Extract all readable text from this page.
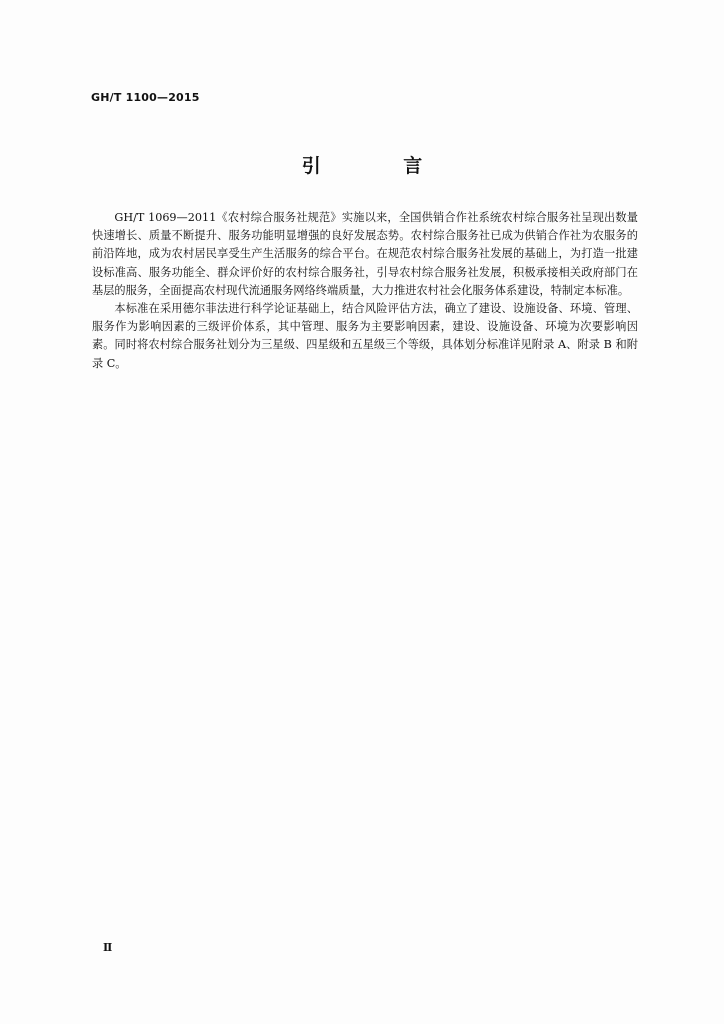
GH/T 1100—2015
引 言

GH/T 1069—2011《农村综合服务社规范》实施以来，全国供销合作社系统农村综合服务社呈现出数量快速增长、质量不断提升、服务功能明显增强的良好发展态势。农村综合服务社已成为供销合作社为农服务的前沿阵地，成为农村居民享受生产生活服务的综合平台。在规范农村综合服务社发展的基础上，为打造一批建设标准高、服务功能全、群众评价好的农村综合服务社，引导农村综合服务社发展，积极承接相关政府部门在基层的服务，全面提高农村现代流通服务网络终端质量，大力推进农村社会化服务体系建设，特制定本标准。

本标准在采用德尔菲法进行科学论证基础上，结合风险评估方法，确立了建设、设施设备、环境、管理、服务作为影响因素的三级评价体系，其中管理、服务为主要影响因素，建设、设施设备、环境为次要影响因素。同时将农村综合服务社划分为三星级、四星级和五星级三个等级，具体划分标准详见附录 A、附录 B 和附录 C。

Ⅱ
